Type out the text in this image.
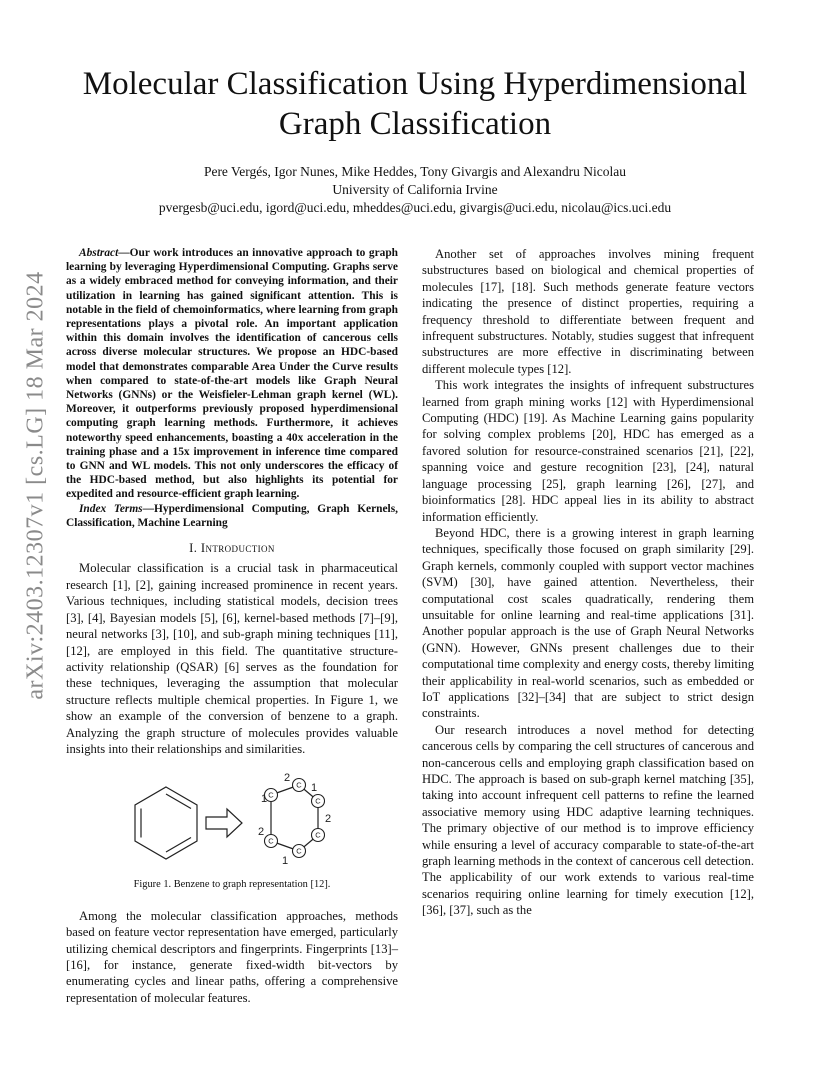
arXiv:2403.12307v1 [cs.LG] 18 Mar 2024
Molecular Classification Using Hyperdimensional
Graph Classification
Pere Vergés, Igor Nunes, Mike Heddes, Tony Givargis and Alexandru Nicolau
University of California Irvine
pvergesb@uci.edu, igord@uci.edu, mheddes@uci.edu, givargis@uci.edu, nicolau@ics.uci.edu

Abstract—Our work introduces an innovative approach to graph learning by leveraging Hyperdimensional Computing. Graphs serve as a widely embraced method for conveying information, and their utilization in learning has gained significant attention. This is notable in the field of chemoinformatics, where learning from graph representations plays a pivotal role. An important application within this domain involves the identification of cancerous cells across diverse molecular structures. We propose an HDC-based model that demonstrates comparable Area Under the Curve results when compared to state-of-the-art models like Graph Neural Networks (GNNs) or the Weisfieler-Lehman graph kernel (WL). Moreover, it outperforms previously proposed hyperdimensional computing graph learning methods. Furthermore, it achieves noteworthy speed enhancements, boasting a 40x acceleration in the training phase and a 15x improvement in inference time compared to GNN and WL models. This not only underscores the efficacy of the HDC-based method, but also highlights its potential for expedited and resource-efficient graph learning.

Index Terms—Hyperdimensional Computing, Graph Kernels, Classification, Machine Learning

I. Introduction

Molecular classification is a crucial task in pharmaceutical research [1], [2], gaining increased prominence in recent years. Various techniques, including statistical models, decision trees [3], [4], Bayesian models [5], [6], kernel-based methods [7]–[9], neural networks [3], [10], and sub-graph mining techniques [11], [12], are employed in this field. The quantitative structure-activity relationship (QSAR) [6] serves as the foundation for these techniques, leveraging the assumption that molecular structure reflects multiple chemical properties. In Figure 1, we show an example of the conversion of benzene to a graph. Analyzing the graph structure of molecules provides valuable insights into their relationships and similarities.

C
C
C
C
C
C
2
1
1
2
2
1
Figure 1. Benzene to graph representation [12].

Among the molecular classification approaches, methods based on feature vector representation have emerged, particularly utilizing chemical descriptors and fingerprints. Fingerprints [13]–[16], for instance, generate fixed-width bit-vectors by enumerating cycles and linear paths, offering a comprehensive representation of molecular features.

Another set of approaches involves mining frequent substructures based on biological and chemical properties of molecules [17], [18]. Such methods generate feature vectors indicating the presence of distinct properties, requiring a frequency threshold to differentiate between frequent and infrequent substructures. Notably, studies suggest that infrequent substructures are more effective in discriminating between different molecule types [12].

This work integrates the insights of infrequent substructures learned from graph mining works [12] with Hyperdimensional Computing (HDC) [19]. As Machine Learning gains popularity for solving complex problems [20], HDC has emerged as a favored solution for resource-constrained scenarios [21], [22], spanning voice and gesture recognition [23], [24], natural language processing [25], graph learning [26], [27], and bioinformatics [28]. HDC appeal lies in its ability to abstract information efficiently.

Beyond HDC, there is a growing interest in graph learning techniques, specifically those focused on graph similarity [29]. Graph kernels, commonly coupled with support vector machines (SVM) [30], have gained attention. Nevertheless, their computational cost scales quadratically, rendering them unsuitable for online learning and real-time applications [31]. Another popular approach is the use of Graph Neural Networks (GNN). However, GNNs present challenges due to their computational time complexity and energy costs, thereby limiting their applicability in real-world scenarios, such as embedded or IoT applications [32]–[34] that are subject to strict design constraints.

Our research introduces a novel method for detecting cancerous cells by comparing the cell structures of cancerous and non-cancerous cells and employing graph classification based on HDC. The approach is based on sub-graph kernel matching [35], taking into account infrequent cell patterns to refine the learned associative memory using HDC adaptive learning techniques. The primary objective of our method is to improve efficiency while ensuring a level of accuracy comparable to state-of-the-art graph learning methods in the context of cancerous cell detection. The applicability of our work extends to various real-time scenarios requiring online learning for timely execution [12], [36], [37], such as the
